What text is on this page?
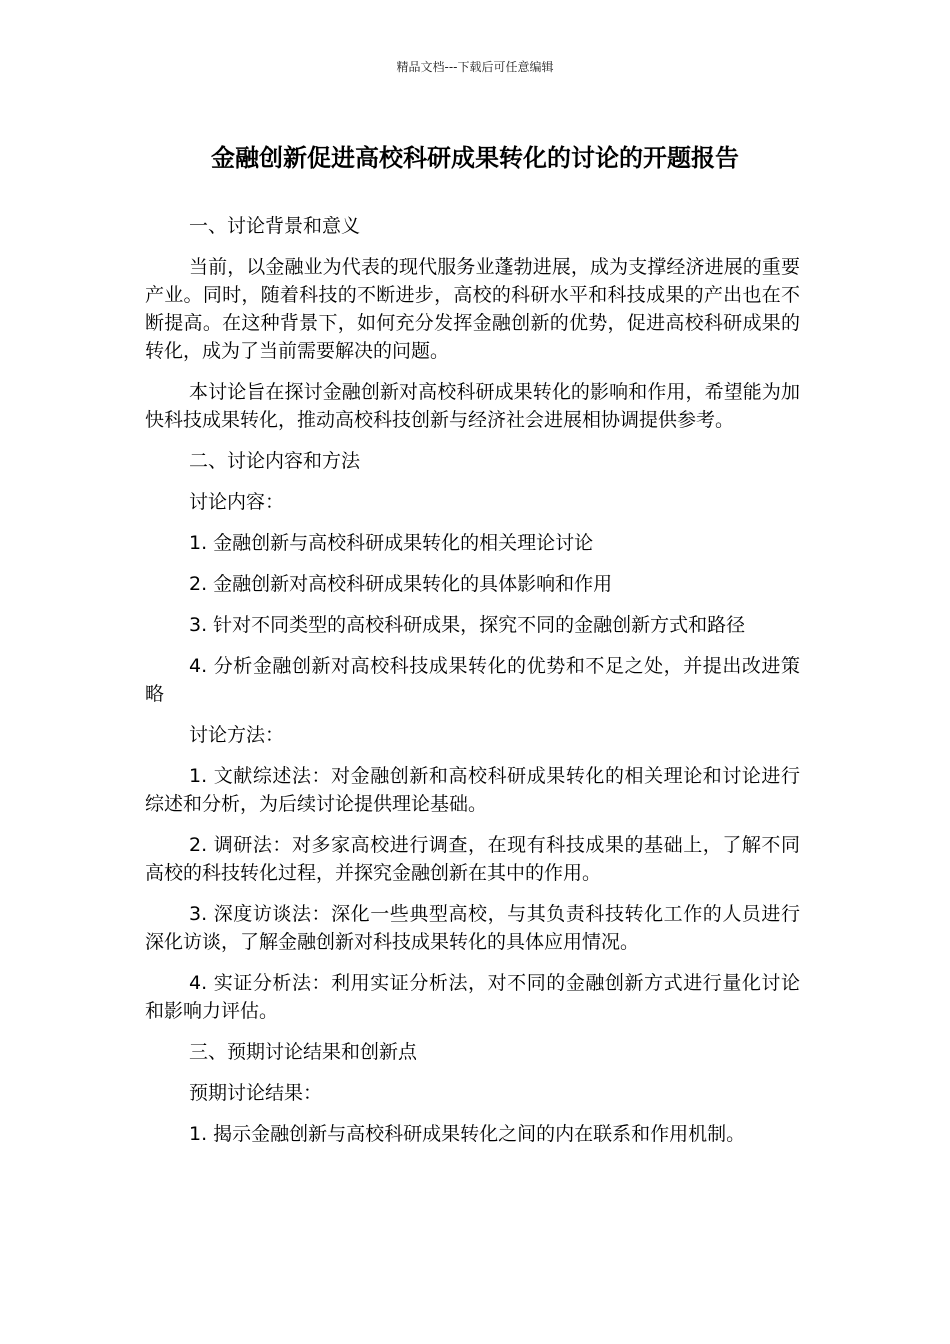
精品文档---下载后可任意编辑
金融创新促进高校科研成果转化的讨论的开题报告

一、讨论背景和意义

当前，以金融业为代表的现代服务业蓬勃进展，成为支撑经济进展的重要产业。同时，随着科技的不断进步，高校的科研水平和科技成果的产出也在不断提高。在这种背景下，如何充分发挥金融创新的优势，促进高校科研成果的转化，成为了当前需要解决的问题。

本讨论旨在探讨金融创新对高校科研成果转化的影响和作用，希望能为加快科技成果转化，推动高校科技创新与经济社会进展相协调提供参考。

二、讨论内容和方法

讨论内容：

1. 金融创新与高校科研成果转化的相关理论讨论

2. 金融创新对高校科研成果转化的具体影响和作用

3. 针对不同类型的高校科研成果，探究不同的金融创新方式和路径

4. 分析金融创新对高校科技成果转化的优势和不足之处，并提出改进策略

讨论方法：

1. 文献综述法：对金融创新和高校科研成果转化的相关理论和讨论进行综述和分析，为后续讨论提供理论基础。

2. 调研法：对多家高校进行调查，在现有科技成果的基础上，了解不同高校的科技转化过程，并探究金融创新在其中的作用。

3. 深度访谈法：深化一些典型高校，与其负责科技转化工作的人员进行深化访谈，了解金融创新对科技成果转化的具体应用情况。

4. 实证分析法：利用实证分析法，对不同的金融创新方式进行量化讨论和影响力评估。

三、预期讨论结果和创新点

预期讨论结果：

1. 揭示金融创新与高校科研成果转化之间的内在联系和作用机制。
